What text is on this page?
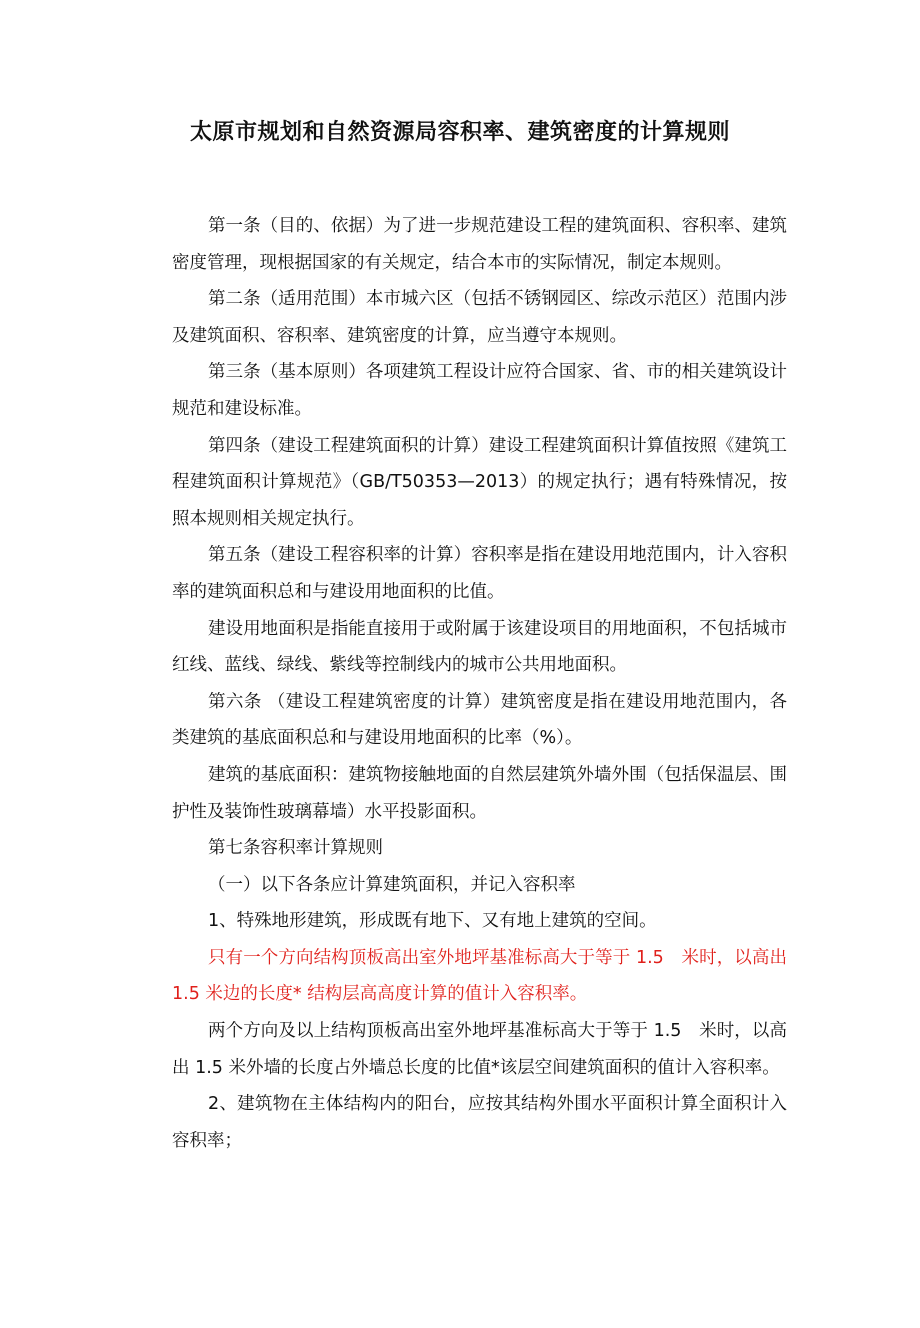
太原市规划和自然资源局容积率、建筑密度的计算规则

第一条（目的、依据）为了进一步规范建设工程的建筑面积、容积率、建筑密度管理，现根据国家的有关规定，结合本市的实际情况，制定本规则。

第二条（适用范围）本市城六区（包括不锈钢园区、综改示范区）范围内涉及建筑面积、容积率、建筑密度的计算，应当遵守本规则。

第三条（基本原则）各项建筑工程设计应符合国家、省、市的相关建筑设计规范和建设标准。

第四条（建设工程建筑面积的计算）建设工程建筑面积计算值按照《建筑工程建筑面积计算规范》（GB/T50353—2013）的规定执行；遇有特殊情况，按照本规则相关规定执行。

第五条（建设工程容积率的计算）容积率是指在建设用地范围内，计入容积率的建筑面积总和与建设用地面积的比值。

建设用地面积是指能直接用于或附属于该建设项目的用地面积，不包括城市红线、蓝线、绿线、紫线等控制线内的城市公共用地面积。

第六条 （建设工程建筑密度的计算）建筑密度是指在建设用地范围内，各类建筑的基底面积总和与建设用地面积的比率（%）。

建筑的基底面积：建筑物接触地面的自然层建筑外墙外围（包括保温层、围护性及装饰性玻璃幕墙）水平投影面积。

第七条容积率计算规则

（一）以下各条应计算建筑面积，并记入容积率

1、特殊地形建筑，形成既有地下、又有地上建筑的空间。

只有一个方向结构顶板高出室外地坪基准标高大于等于 1.5　米时，以高出 1.5 米边的长度* 结构层高高度计算的值计入容积率。

两个方向及以上结构顶板高出室外地坪基准标高大于等于 1.5　米时，以高出 1.5 米外墙的长度占外墙总长度的比值*该层空间建筑面积的值计入容积率。

2、建筑物在主体结构内的阳台，应按其结构外围水平面积计算全面积计入容积率；
